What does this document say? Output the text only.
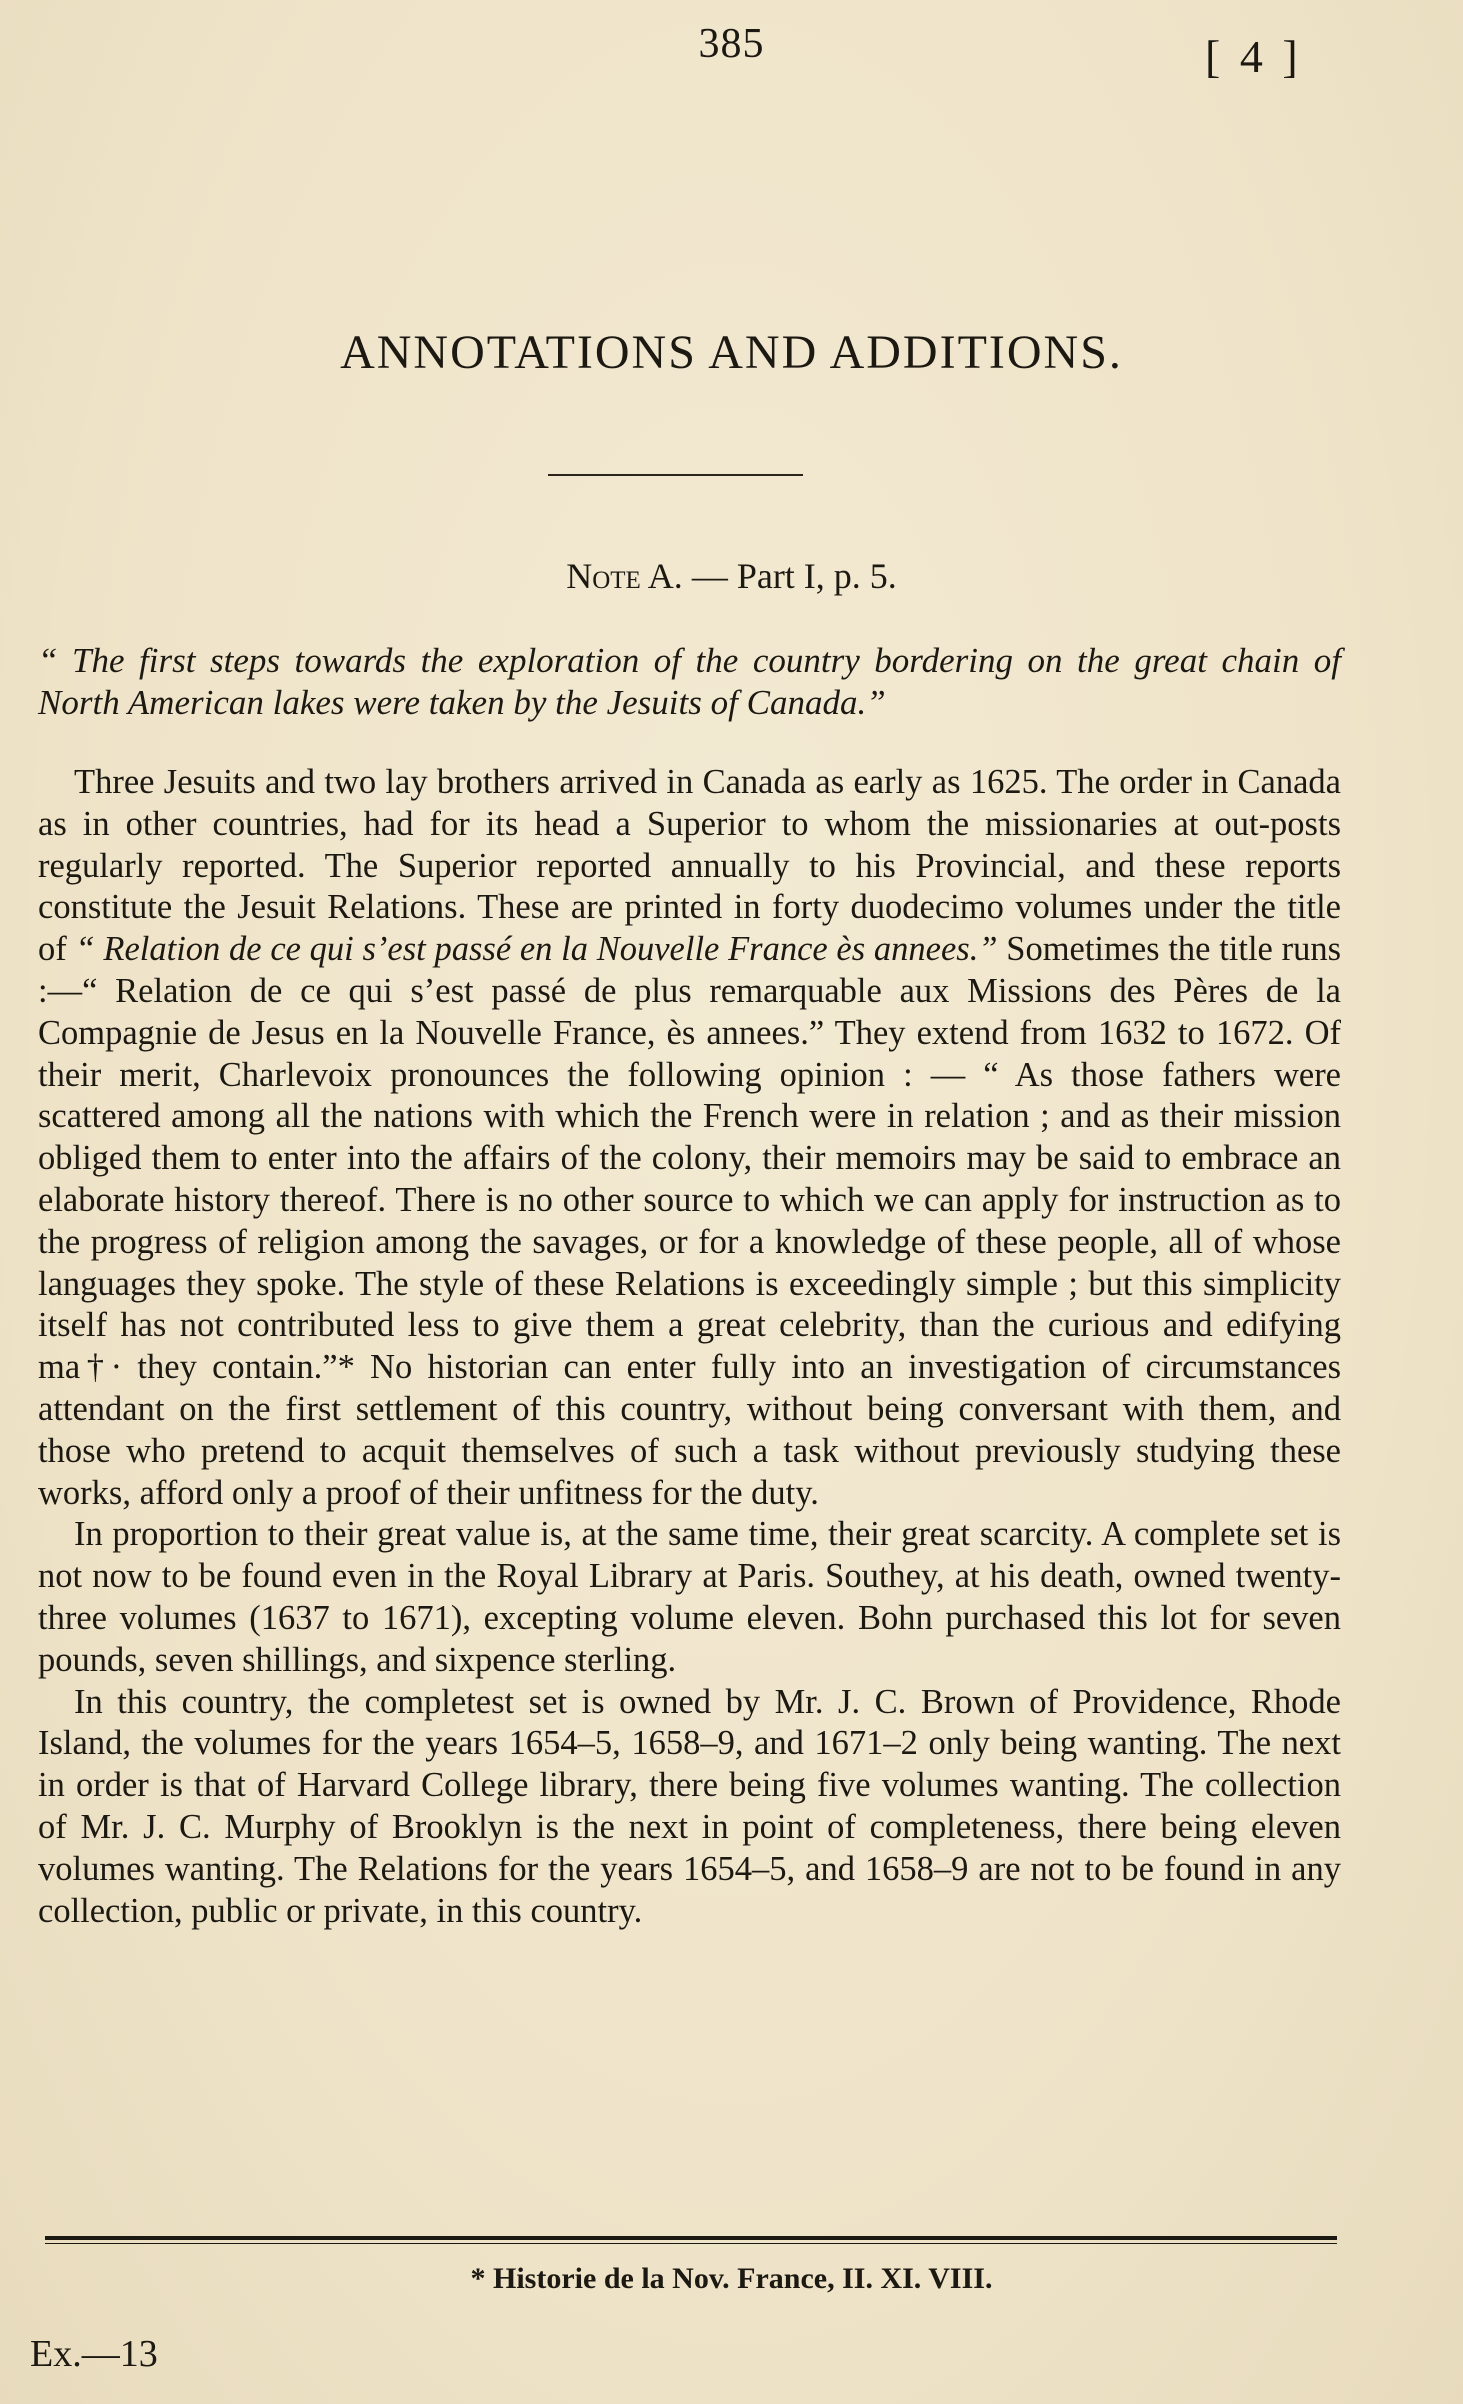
385	[ 4 ]
ANNOTATIONS AND ADDITIONS.
Note A. — Part I, p. 5.
“ The first steps towards the exploration of the country bordering on the great chain of North American lakes were taken by the Jesuits of Canada.”

Three Jesuits and two lay brothers arrived in Canada as early as 1625. The order in Canada as in other countries, had for its head a Superior to whom the missionaries at out-posts regularly reported. The Superior reported annually to his Provincial, and these reports constitute the Jesuit Relations. These are printed in forty duodecimo volumes under the title of “ Relation de ce qui s’est passé en la Nouvelle France ès annees.” Sometimes the title runs :—“ Relation de ce qui s’est passé de plus remarquable aux Missions des Pères de la Compagnie de Jesus en la Nouvelle France, ès annees.” They extend from 1632 to 1672. Of their merit, Charlevoix pronounces the following opinion : — “ As those fathers were scattered among all the nations with which the French were in relation ; and as their mission obliged them to enter into the affairs of the colony, their memoirs may be said to embrace an elaborate history thereof. There is no other source to which we can apply for instruction as to the progress of religion among the savages, or for a knowledge of these people, all of whose languages they spoke. The style of these Relations is exceedingly simple ; but this simplicity itself has not contributed less to give them a great celebrity, than the curious and edifying ma†· they contain.”* No historian can enter fully into an investigation of circumstances attendant on the first settlement of this country, without being conversant with them, and those who pretend to acquit themselves of such a task without previously studying these works, afford only a proof of their unfitness for the duty.

In proportion to their great value is, at the same time, their great scarcity. A complete set is not now to be found even in the Royal Library at Paris. Southey, at his death, owned twenty-three volumes (1637 to 1671), excepting volume eleven. Bohn purchased this lot for seven pounds, seven shillings, and sixpence sterling.

In this country, the completest set is owned by Mr. J. C. Brown of Providence, Rhode Island, the volumes for the years 1654–5, 1658–9, and 1671–2 only being wanting. The next in order is that of Harvard College library, there being five volumes wanting. The collection of Mr. J. C. Murphy of Brooklyn is the next in point of completeness, there being eleven volumes wanting. The Relations for the years 1654–5, and 1658–9 are not to be found in any collection, public or private, in this country.

* Historie de la Nov. France, II. XI. VIII.
Ex.—13
